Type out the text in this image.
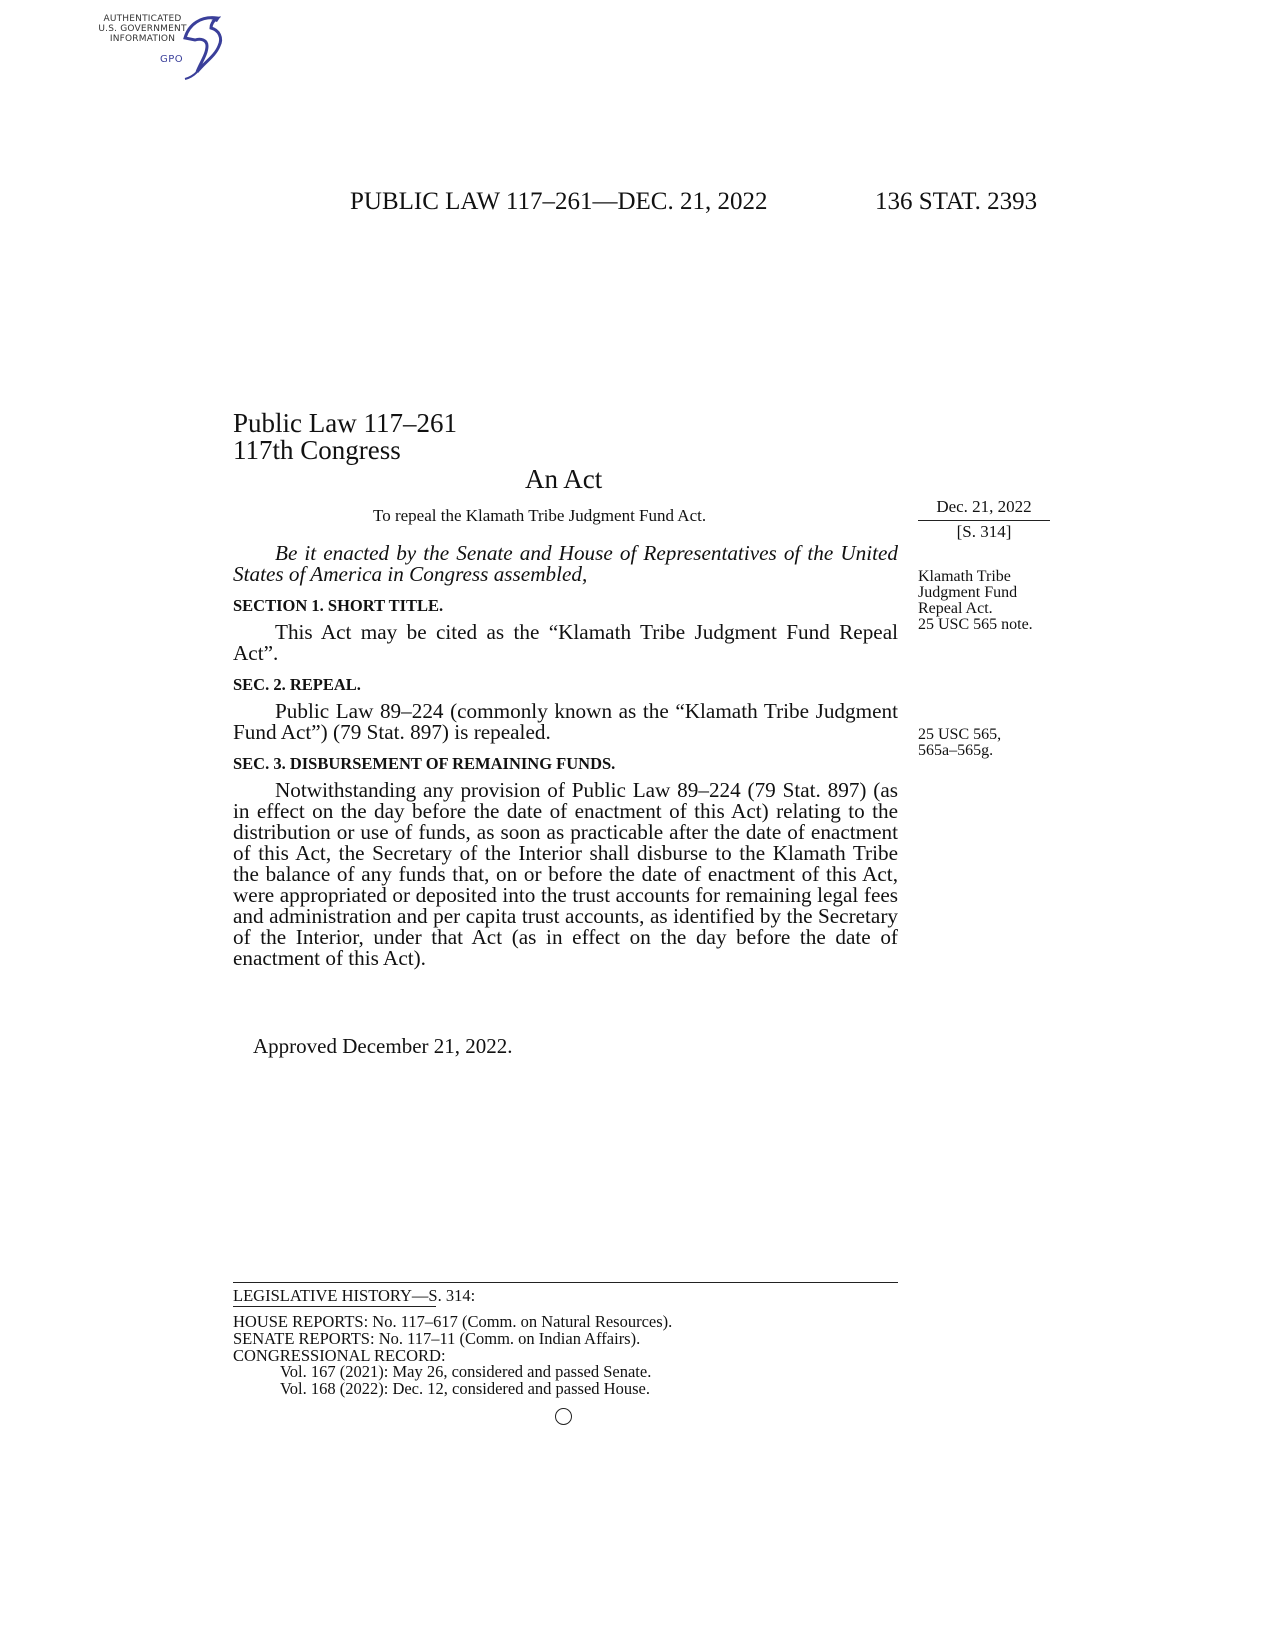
AUTHENTICATED
U.S. GOVERNMENT
INFORMATION
GPO
PUBLIC LAW 117–261—DEC. 21, 2022	136 STAT. 2393
Public Law 117–261
117th Congress
An Act
To repeal the Klamath Tribe Judgment Fund Act.	Dec. 21, 2022
[S. 314]
Klamath Tribe
Judgment Fund
Repeal Act.
25 USC 565 note.
25 USC 565,
565a–565g.
Be it enacted by the Senate and House of Representatives of the United States of America in Congress assembled,
SECTION 1. SHORT TITLE.
This Act may be cited as the “Klamath Tribe Judgment Fund Repeal Act”.
SEC. 2. REPEAL.
Public Law 89–224 (commonly known as the “Klamath Tribe Judgment Fund Act”) (79 Stat. 897) is repealed.
SEC. 3. DISBURSEMENT OF REMAINING FUNDS.
Notwithstanding any provision of Public Law 89–224 (79 Stat. 897) (as in effect on the day before the date of enactment of this Act) relating to the distribution or use of funds, as soon as practicable after the date of enactment of this Act, the Secretary of the Interior shall disburse to the Klamath Tribe the balance of any funds that, on or before the date of enactment of this Act, were appropriated or deposited into the trust accounts for remaining legal fees and administration and per capita trust accounts, as identified by the Secretary of the Interior, under that Act (as in effect on the day before the date of enactment of this Act).
Approved December 21, 2022.
LEGISLATIVE HISTORY—S. 314:
HOUSE REPORTS: No. 117–617 (Comm. on Natural Resources).
SENATE REPORTS: No. 117–11 (Comm. on Indian Affairs).
CONGRESSIONAL RECORD:
Vol. 167 (2021): May 26, considered and passed Senate.
Vol. 168 (2022): Dec. 12, considered and passed House.
